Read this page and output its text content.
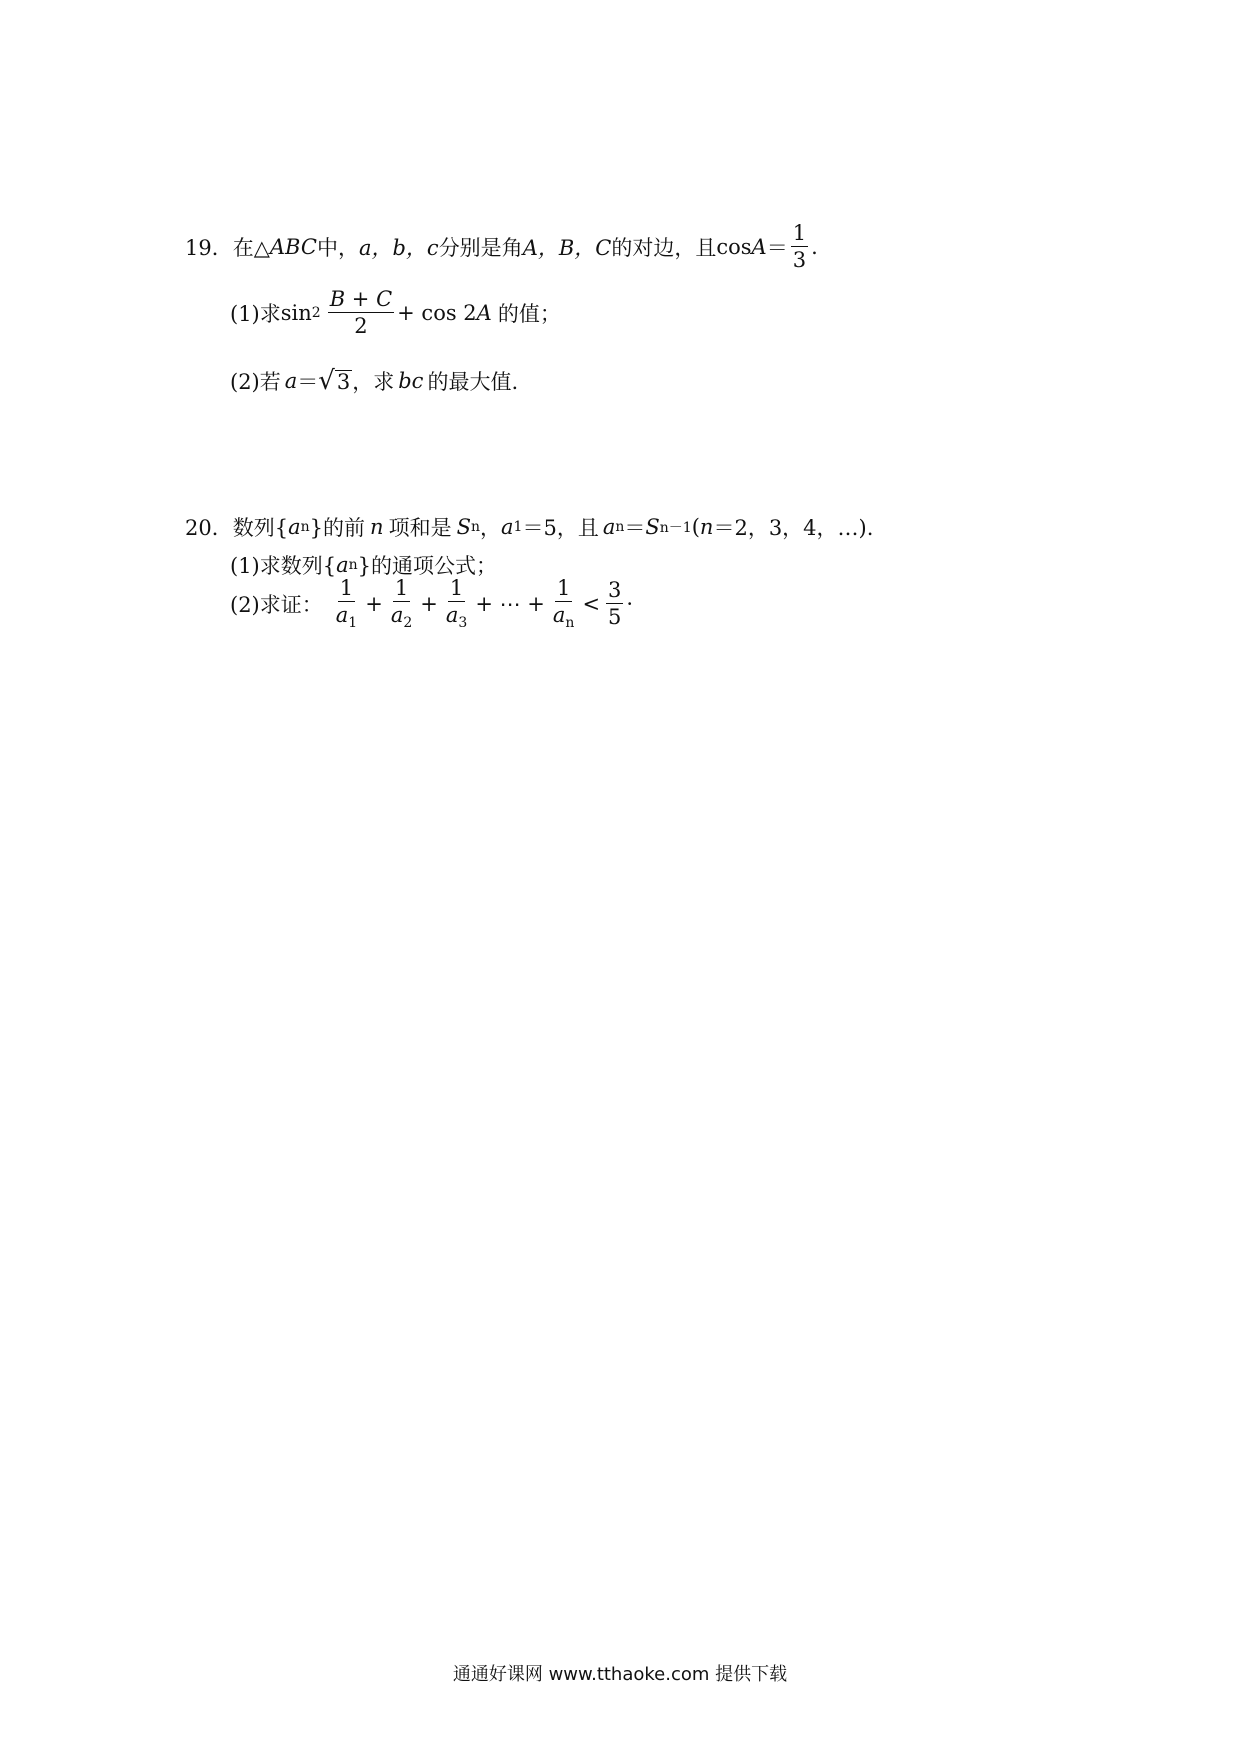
19． 在△ ABC 中， a，b，c 分别是角 A，B，C 的对边，且 $\cos A = \frac{1}{3}$ .
(1)求 $\sin 2 \frac{B + C}{2} + \cos 2$ A 的值；
(2)若 a ＝ √ 3 ，求 bc 的最大值.
20． 数列{ a n }的前 n 项和是 S n ， a 1 ＝5，且 a n ＝ S n－1 ( n ＝2，3，4，…).
(1)求数列{ a n }的通项公式；
(2)求证： $\frac{1}{a_1} + \frac{1}{a_2} + \frac{1}{a_3}$ + ⋯ + $\frac{1}{a_n} < \frac{3}{5}$ ·
通通好课网 www.tthaoke.com 提供下载
